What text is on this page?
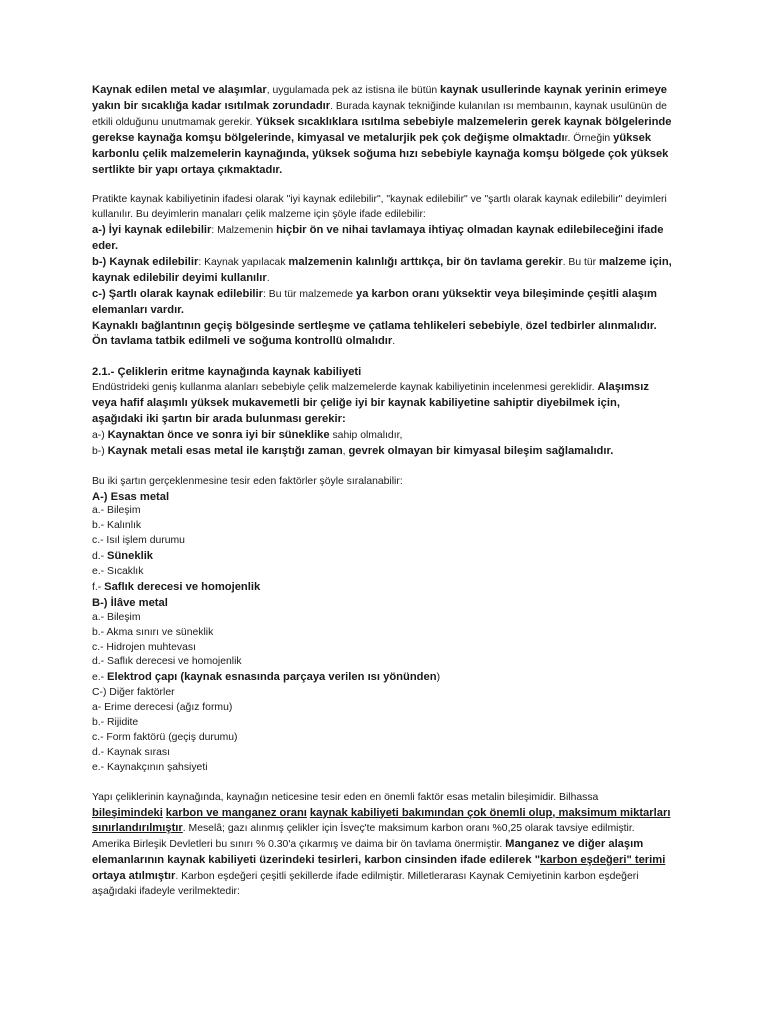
Kaynak edilen metal ve alaşımlar, uygulamada pek az istisna ile bütün kaynak usullerinde kaynak yerinin erimeye yakın bir sıcaklığa kadar ısıtılmak zorundadır. Burada kaynak tekniğinde kulanılan ısı membaının, kaynak usulünün de etkili olduğunu unutmamak gerekir. Yüksek sıcaklıklara ısıtılma sebebiyle malzemelerin gerek kaynak bölgelerinde gerekse kaynağa komşu bölgelerinde, kimyasal ve metalurjik pek çok değişme olmaktadır. Örneğin yüksek karbonlu çelik malzemelerin kaynağında, yüksek soğuma hızı sebebiyle kaynağa komşu bölgede çok yüksek sertlikte bir yapı ortaya çıkmaktadır.

Pratikte kaynak kabiliyetinin ifadesi olarak "iyi kaynak edilebilir", "kaynak edilebilir" ve "şartlı olarak kaynak edilebilir" deyimleri kullanılır. Bu deyimlerin manaları çelik malzeme için şöyle ifade edilebilir:

a-) İyi kaynak edilebilir: Malzemenin hiçbir ön ve nihai tavlamaya ihtiyaç olmadan kaynak edilebileceğini ifade eder.

b-) Kaynak edilebilir: Kaynak yapılacak malzemenin kalınlığı arttıkça, bir ön tavlama gerekir. Bu tür malzeme için, kaynak edilebilir deyimi kullanılır.

c-) Şartlı olarak kaynak edilebilir: Bu tür malzemede ya karbon oranı yüksektir veya bileşiminde çeşitli alaşım elemanları vardır.

Kaynaklı bağlantının geçiş bölgesinde sertleşme ve çatlama tehlikeleri sebebiyle, özel tedbirler alınmalıdır. Ön tavlama tatbik edilmeli ve soğuma kontrollü olmalıdır.

2.1.- Çeliklerin eritme kaynağında kaynak kabiliyeti

Endüstrideki geniş kullanma alanları sebebiyle çelik malzemelerde kaynak kabiliyetinin incelenmesi gereklidir. Alaşımsız veya hafif alaşımlı yüksek mukavemetli bir çeliğe iyi bir kaynak kabiliyetine sahiptir diyebilmek için, aşağıdaki iki şartın bir arada bulunması gerekir:

a-) Kaynaktan önce ve sonra iyi bir süneklike sahip olmalıdır,

b-) Kaynak metali esas metal ile karıştığı zaman, gevrek olmayan bir kimyasal bileşim sağlamalıdır.

Bu iki şartın gerçeklenmesine tesir eden faktörler şöyle sıralanabilir:

A-) Esas metal

a.- Bileşim

b.- Kalınlık

c.- Isıl işlem durumu

d.- Süneklik

e.- Sıcaklık

f.- Saflık derecesi ve homojenlik

B-) İlâve metal

a.- Bileşim

b.- Akma sınırı ve süneklik

c.- Hidrojen muhtevası

d.- Saflık derecesi ve homojenlik

e.- Elektrod çapı (kaynak esnasında parçaya verilen ısı yönünden)

C-) Diğer faktörler

a- Erime derecesi (ağız formu)

b.- Rijidite

c.- Form faktörü (geçiş durumu)

d.- Kaynak sırası

e.- Kaynakçının şahsiyeti

Yapı çeliklerinin kaynağında, kaynağın neticesine tesir eden en önemli faktör esas metalin bileşimidir. Bilhassa bileşimindeki karbon ve manganez oranı kaynak kabiliyeti bakımından çok önemli olup, maksimum miktarları sınırlandırılmıştır. Meselâ; gazı alınmış çelikler için İsveç'te maksimum karbon oranı %0,25 olarak tavsiye edilmiştir. Amerika Birleşik Devletleri bu sınırı % 0.30'a çıkarmış ve daima bir ön tavlama önermiştir. Manganez ve diğer alaşım elemanlarının kaynak kabiliyeti üzerindeki tesirleri, karbon cinsinden ifade edilerek "karbon eşdeğeri" terimi ortaya atılmıştır. Karbon eşdeğeri çeşitli şekillerde ifade edilmiştir. Milletlerarası Kaynak Cemiyetinin karbon eşdeğeri aşağıdaki ifadeyle verilmektedir:
